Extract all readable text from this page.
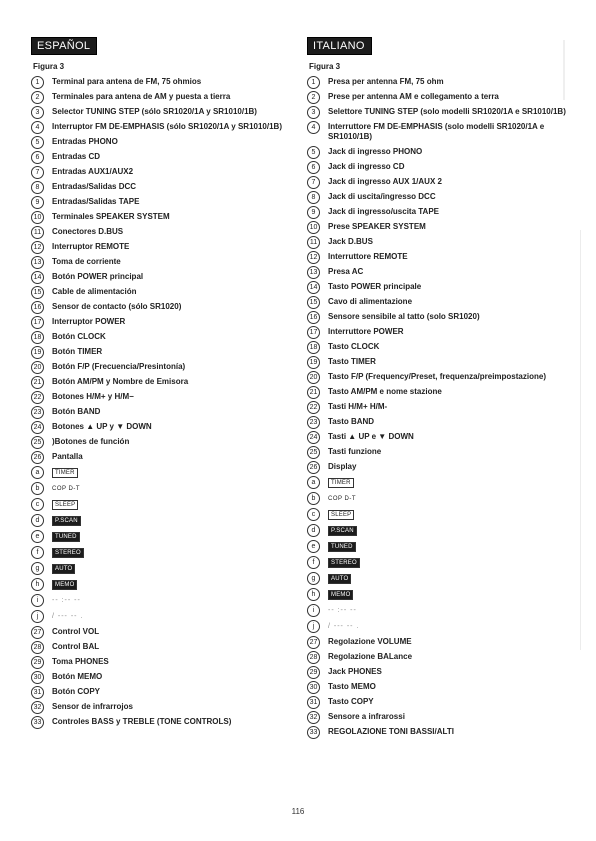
ESPAÑOL
Figura 3
1	Terminal para antena de FM, 75 ohmios
2	Terminales para antena de AM y puesta a tierra
3	Selector TUNING STEP (sólo SR1020/1A y SR1010/1B)
4	Interruptor FM DE-EMPHASIS (sólo SR1020/1A y SR1010/1B)
5	Entradas PHONO
6	Entradas CD
7	Entradas AUX1/AUX2
8	Entradas/Salidas DCC
9	Entradas/Salidas TAPE
10	Terminales SPEAKER SYSTEM
11	Conectores D.BUS
12	Interruptor REMOTE
13	Toma de corriente
14	Botón POWER principal
15	Cable de alimentación
16	Sensor de contacto (sólo SR1020)
17	Interruptor POWER
18	Botón CLOCK
19	Botón TIMER
20	Botón F/P (Frecuencia/Presintonía)
21	Botón AM/PM y Nombre de Emisora
22	Botones H/M+ y H/M−
23	Botón BAND
24	Botones ▲ UP y ▼ DOWN
25	)Botones de función
26	Pantalla
a	TIMER
b	COP D-T
c	SLEEP
d	P.SCAN
e	TUNED
f	STEREO
g	AUTO
h	MEMO
i	-- :-- --
j	/ --- -- .
27	Control VOL
28	Control BAL
29	Toma PHONES
30	Botón MEMO
31	Botón COPY
32	Sensor de infrarrojos
33	Controles BASS y TREBLE (TONE CONTROLS)
ITALIANO
Figura 3
1	Presa per antenna FM, 75 ohm
2	Prese per antenna AM e collegamento a terra
3	Selettore TUNING STEP (solo modelli SR1020/1A e SR1010/1B)
4	Interruttore FM DE-EMPHASIS (solo modelli SR1020/1A e SR1010/1B)
5	Jack di ingresso PHONO
6	Jack di ingresso CD
7	Jack di ingresso AUX 1/AUX 2
8	Jack di uscita/ingresso DCC
9	Jack di ingresso/uscita TAPE
10	Prese SPEAKER SYSTEM
11	Jack D.BUS
12	Interruttore REMOTE
13	Presa AC
14	Tasto POWER principale
15	Cavo di alimentazione
16	Sensore sensibile al tatto (solo SR1020)
17	Interruttore POWER
18	Tasto CLOCK
19	Tasto TIMER
20	Tasto F/P (Frequency/Preset, frequenza/preimpostazione)
21	Tasto AM/PM e nome stazione
22	Tasti H/M+ H/M-
23	Tasto BAND
24	Tasti ▲ UP e ▼ DOWN
25	Tasti funzione
26	Display
a	TIMER
b	COP D-T
c	SLEEP
d	P.SCAN
e	TUNED
f	STEREO
g	AUTO
h	MEMO
i	-- :-- --
j	/ --- -- .
27	Regolazione VOLUME
28	Regolazione BALance
29	Jack PHONES
30	Tasto MEMO
31	Tasto COPY
32	Sensore a infrarossi
33	REGOLAZIONE TONI BASSI/ALTI
116
